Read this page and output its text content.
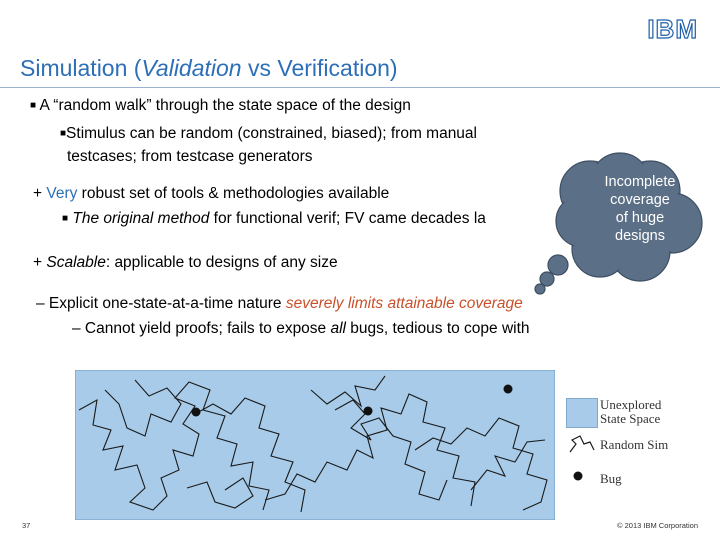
IBM
Simulation (Validation vs Verification)
■ A “random walk” through the state space of the design
■Stimulus can be random (constrained, biased); from manual
testcases; from testcase generators
+ Very robust set of tools & methodologies available
■ The original method for functional verif; FV came decades la
+ Scalable: applicable to designs of any size
Incomplete
coverage
of huge
designs
– Explicit one-state-at-a-time nature severely limits attainable coverage
– Cannot yield proofs; fails to expose all bugs, tedious to cope with
Unexplored
State Space
Random Sim
Bug
37	© 2013 IBM Corporation
